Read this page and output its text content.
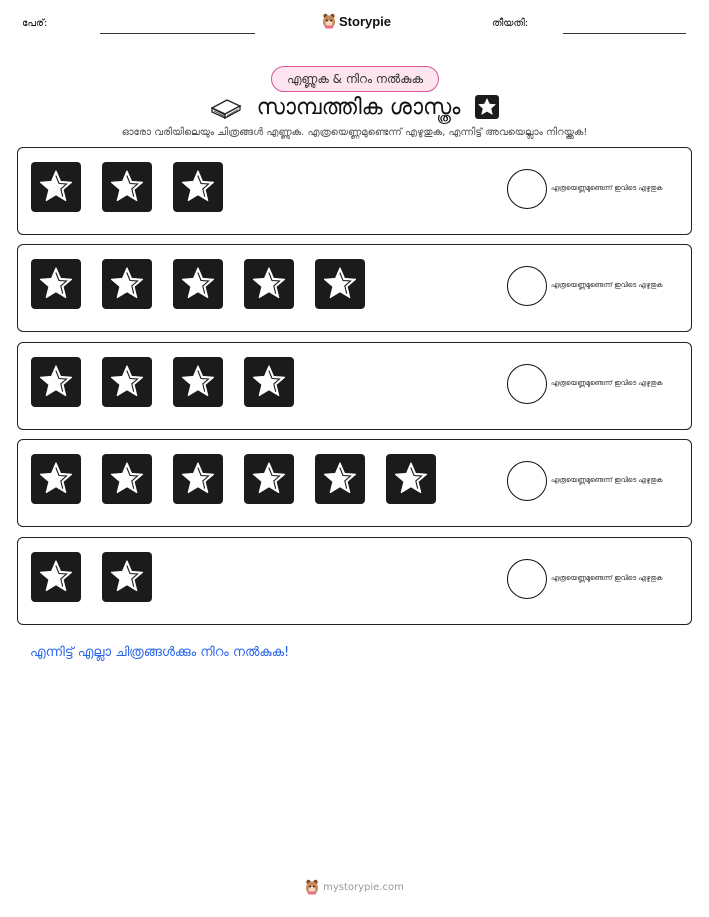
പേര്:	Storypie	തീയതി:
എണ്ണുക & നിറം നൽകുക
സാമ്പത്തിക ശാസ്ത്രം
ഓരോ വരിയിലെയും ചിത്രങ്ങൾ എണ്ണുക. എത്രയെണ്ണമുണ്ടെന്ന് എഴുതുക, എന്നിട്ട് അവയെല്ലാം നിറയ്ക്കുക!
എത്രയെണ്ണമുണ്ടെന്ന് ഇവിടെ എഴുതുക
എത്രയെണ്ണമുണ്ടെന്ന് ഇവിടെ എഴുതുക
എത്രയെണ്ണമുണ്ടെന്ന് ഇവിടെ എഴുതുക
എത്രയെണ്ണമുണ്ടെന്ന് ഇവിടെ എഴുതുക
എത്രയെണ്ണമുണ്ടെന്ന് ഇവിടെ എഴുതുക
എന്നിട്ട് എല്ലാ ചിത്രങ്ങൾക്കും നിറം നൽകുക!
mystorypie.com
